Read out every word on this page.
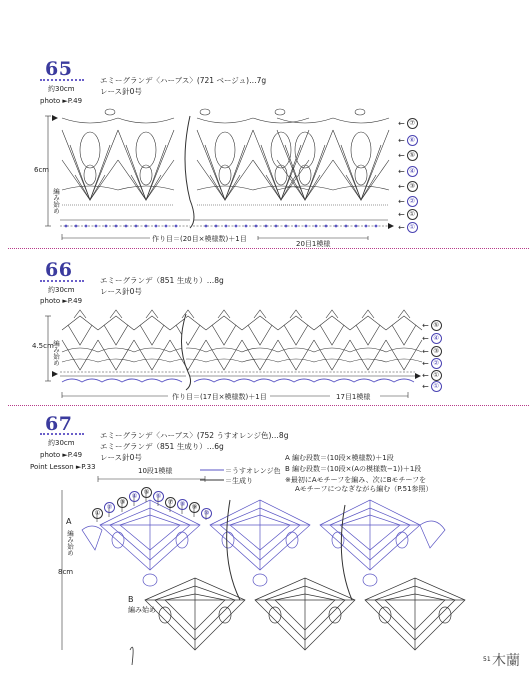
65
約30cm
photo ►P.49
エミーグランデ〈ハーブス〉(721 ベージュ)…7g
レース針0号
6cm
編み始め
作り目＝(20目×模様数)＋1目
20目1模様
← ⑦
← ⑥
← ⑤
← ④
← ③
← ②
← ①
← ①
66
約30cm
photo ►P.49
エミーグランデ（851 生成り）…8g
レース針0号
4.5cm
編み始め
作り目＝(17目×模様数)＋1目	17目1模様
← ⑤
← ④
← ③
← ②
← ①
← ①
67
約30cm
photo ►P.49
Point Lesson ►P.33
エミーグランデ〈ハーブス〉(752 うすオレンジ色)…8g
エミーグランデ（851 生成り）…6g
レース針0号
10段1模様	＝うすオレンジ色
＝生成り
A 編む段数＝(10段×模様数)＋1段
B 編む段数＝(10段×(Aの模様数−1))＋1段
※最初にAモチーフを編み、次にBモチーフを
Aモチーフにつなぎながら編む（P.51参照）
A
編み始め
B
編み始め
8cm
①
②
③
④ ⑤ ⑥
⑦ ⑧ ⑨
⑩
51 木蘭
